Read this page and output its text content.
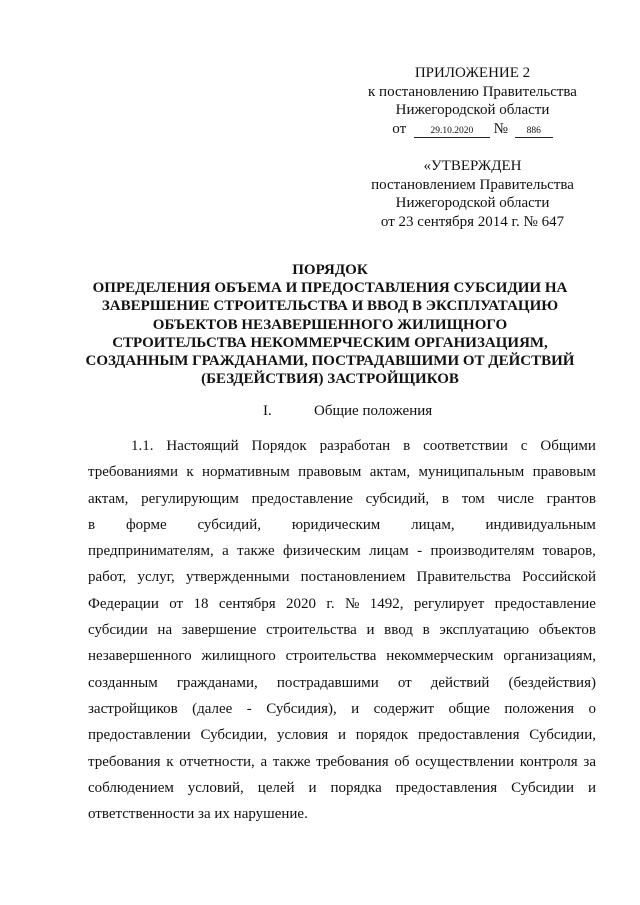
ПРИЛОЖЕНИЕ 2
к постановлению Правительства
Нижегородской области
от	29.10.2020 № 886
«УТВЕРЖДЕН
постановлением Правительства
Нижегородской области
от 23 сентября 2014 г. № 647
ПОРЯДОК
ОПРЕДЕЛЕНИЯ ОБЪЕМА И ПРЕДОСТАВЛЕНИЯ СУБСИДИИ НА
ЗАВЕРШЕНИЕ СТРОИТЕЛЬСТВА И ВВОД В ЭКСПЛУАТАЦИЮ
ОБЪЕКТОВ НЕЗАВЕРШЕННОГО ЖИЛИЩНОГО
СТРОИТЕЛЬСТВА НЕКОММЕРЧЕСКИМ ОРГАНИЗАЦИЯМ,
СОЗДАННЫМ ГРАЖДАНАМИ, ПОСТРАДАВШИМИ ОТ ДЕЙСТВИЙ
(БЕЗДЕЙСТВИЯ) ЗАСТРОЙЩИКОВ
I.	Общие положения
1.1. Настоящий Порядок разработан в соответствии с Общими
требованиями к нормативным правовым актам, муниципальным правовым
актам, регулирующим предоставление субсидий, в том числе грантов
в форме субсидий, юридическим лицам, индивидуальным
предпринимателям, а также физическим лицам - производителям товаров,
работ, услуг, утвержденными постановлением Правительства Российской
Федерации от 18 сентября 2020 г. № 1492, регулирует предоставление
субсидии на завершение строительства и ввод в эксплуатацию объектов
незавершенного жилищного строительства некоммерческим организациям,
созданным гражданами, пострадавшими от действий (бездействия)
застройщиков (далее - Субсидия), и содержит общие положения о
предоставлении Субсидии, условия и порядок предоставления Субсидии,
требования к отчетности, а также требования об осуществлении контроля за
соблюдением условий, целей и порядка предоставления Субсидии и
ответственности за их нарушение.
